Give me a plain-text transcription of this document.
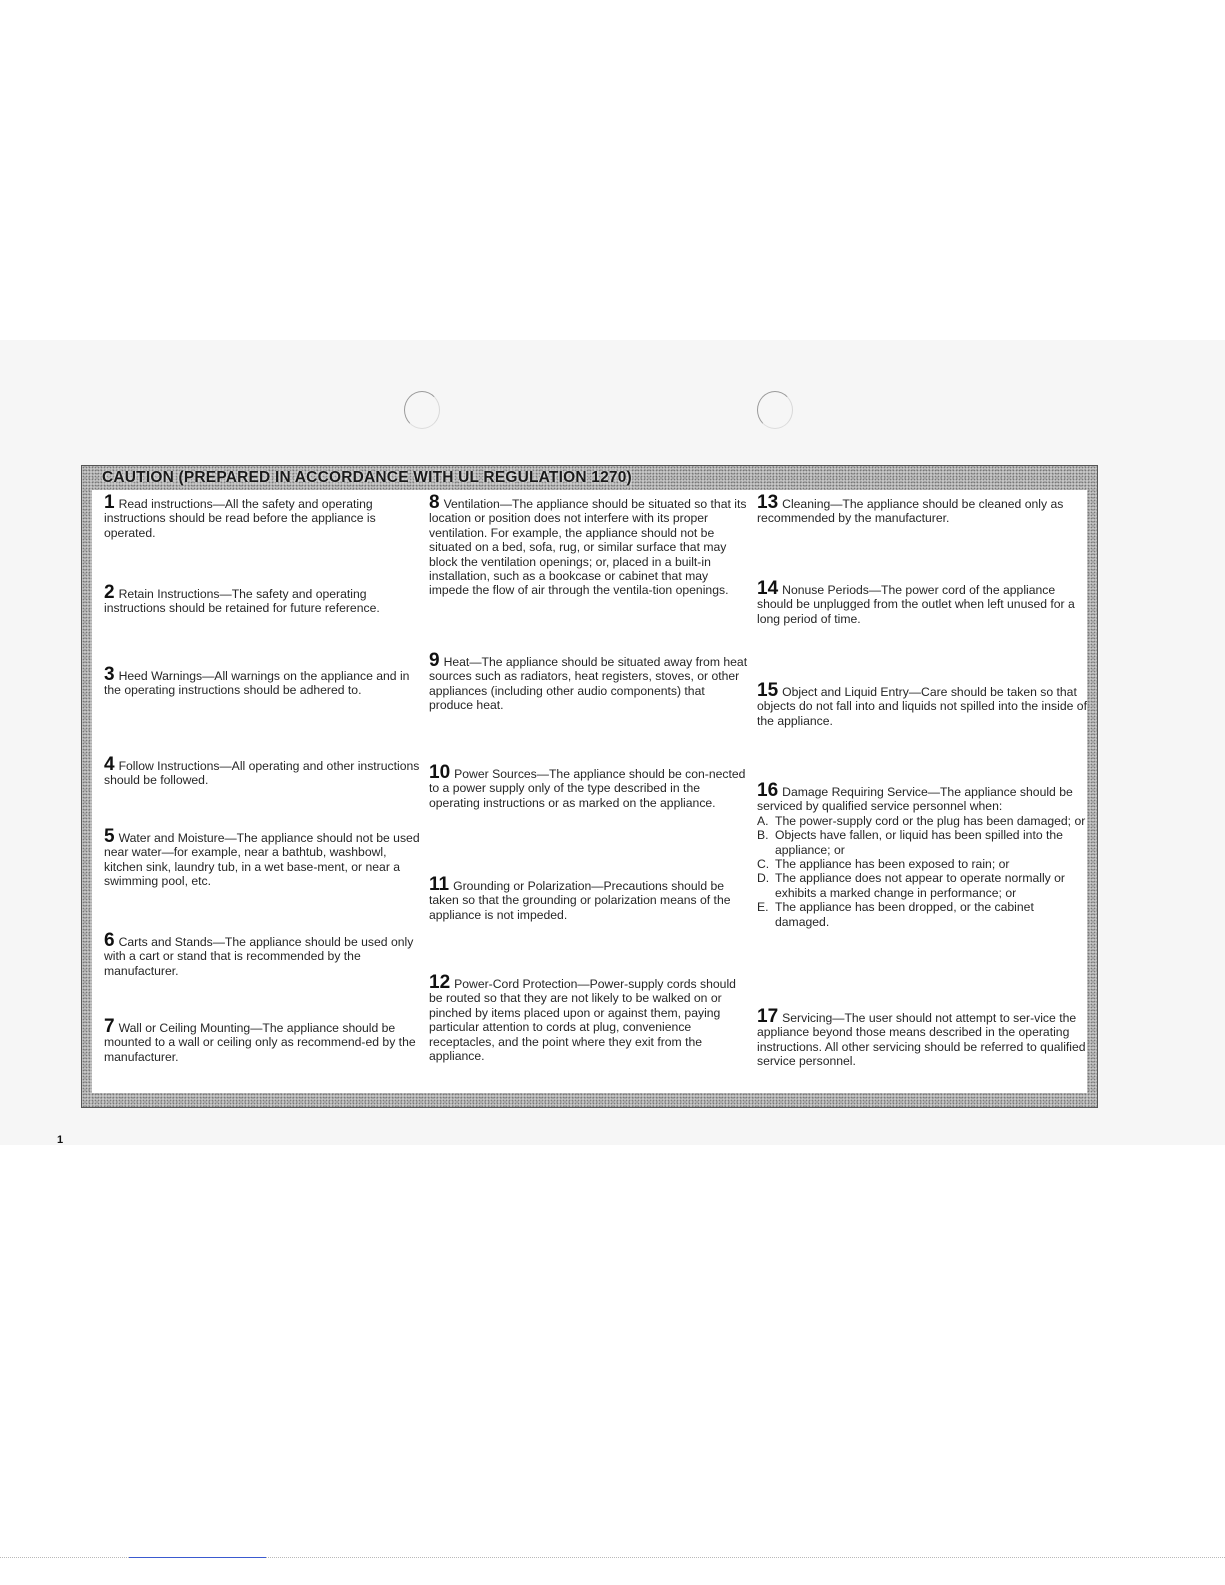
CAUTION (PREPARED IN ACCORDANCE WITH UL REGULATION 1270)
1 Read instructions—All the safety and operating instructions should be read before the appliance is operated.
2 Retain Instructions—The safety and operating instructions should be retained for future reference.
3 Heed Warnings—All warnings on the appliance and in the operating instructions should be adhered to.
4 Follow Instructions—All operating and other instructions should be followed.
5 Water and Moisture—The appliance should not be used near water—for example, near a bathtub, washbowl, kitchen sink, laundry tub, in a wet base-ment, or near a swimming pool, etc.
6 Carts and Stands—The appliance should be used only with a cart or stand that is recommended by the manufacturer.
7 Wall or Ceiling Mounting—The appliance should be mounted to a wall or ceiling only as recommend-ed by the manufacturer.
8 Ventilation—The appliance should be situated so that its location or position does not interfere with its proper ventilation. For example, the appliance should not be situated on a bed, sofa, rug, or similar surface that may block the ventilation openings; or, placed in a built-in installation, such as a bookcase or cabinet that may impede the flow of air through the ventila-tion openings.
9 Heat—The appliance should be situated away from heat sources such as radiators, heat registers, stoves, or other appliances (including other audio components) that produce heat.
10 Power Sources—The appliance should be con-nected to a power supply only of the type described in the operating instructions or as marked on the appliance.
11 Grounding or Polarization—Precautions should be taken so that the grounding or polarization means of the appliance is not impeded.
12 Power-Cord Protection—Power-supply cords should be routed so that they are not likely to be walked on or pinched by items placed upon or against them, paying particular attention to cords at plug, convenience receptacles, and the point where they exit from the appliance.
13 Cleaning—The appliance should be cleaned only as recommended by the manufacturer.
14 Nonuse Periods—The power cord of the appliance should be unplugged from the outlet when left unused for a long period of time.
15 Object and Liquid Entry—Care should be taken so that objects do not fall into and liquids not spilled into the inside of the appliance.
16 Damage Requiring Service—The appliance should be serviced by qualified service personnel when:
A. The power-supply cord or the plug has been damaged; or
B. Objects have fallen, or liquid has been spilled into the appliance; or
C. The appliance has been exposed to rain; or
D. The appliance does not appear to operate normally or exhibits a marked change in performance; or
E. The appliance has been dropped, or the cabinet damaged.
17 Servicing—The user should not attempt to ser-vice the appliance beyond those means described in the operating instructions. All other servicing should be referred to qualified service personnel.
1
